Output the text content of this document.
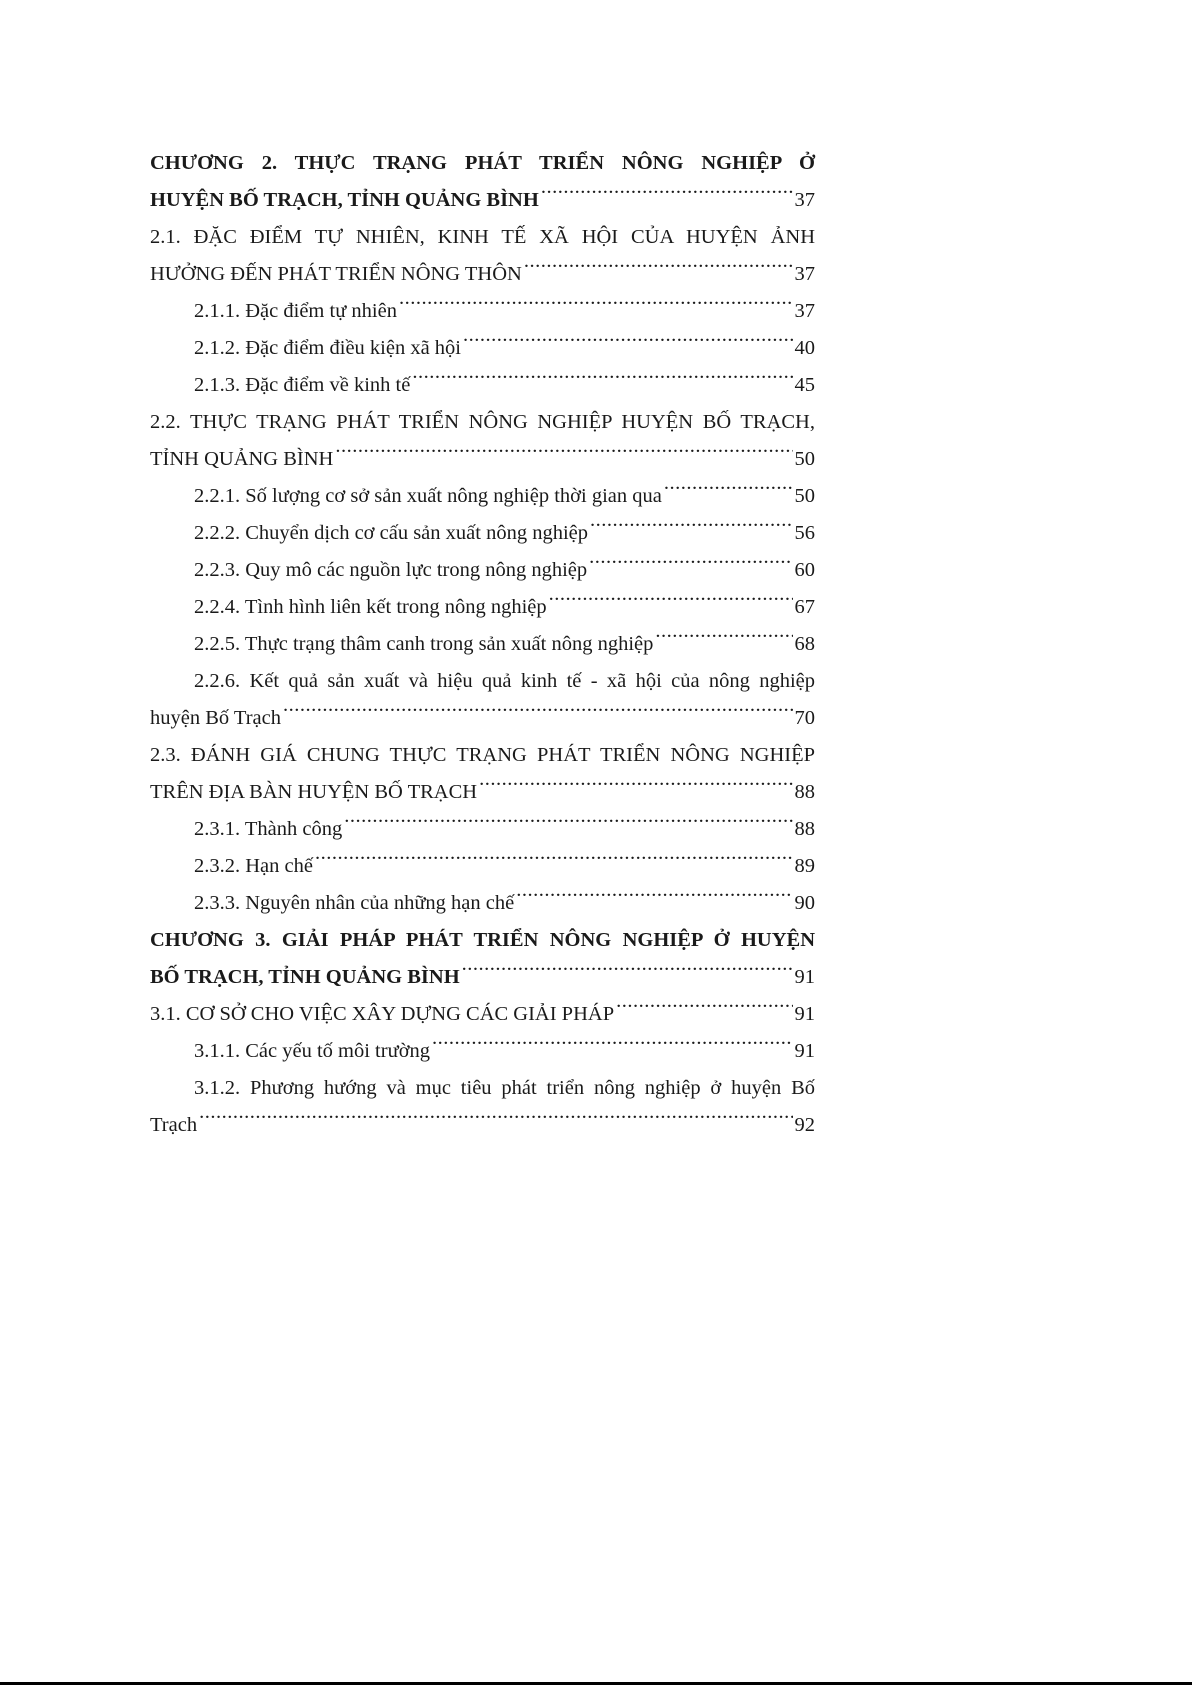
CHƯƠNG 2. THỰC TRẠNG PHÁT TRIỂN NÔNG NGHIỆP Ở
HUYỆN BỐ TRẠCH, TỈNH QUẢNG BÌNH .....	37
2.1. ĐẶC ĐIỂM TỰ NHIÊN, KINH TẾ XÃ HỘI CỦA HUYỆN ẢNH
HƯỞNG ĐẾN PHÁT TRIỂN NÔNG THÔN .....	37
2.1.1. Đặc điểm tự nhiên .....	37
2.1.2. Đặc điểm điều kiện xã hội .....	40
2.1.3. Đặc điểm về kinh tế .....	45
2.2. THỰC TRẠNG PHÁT TRIỂN NÔNG NGHIỆP HUYỆN BỐ TRẠCH,
TỈNH QUẢNG BÌNH .....	50
2.2.1. Số lượng cơ sở sản xuất nông nghiệp thời gian qua .....	50
2.2.2. Chuyển dịch cơ cấu sản xuất nông nghiệp .....	56
2.2.3. Quy mô các nguồn lực trong nông nghiệp .....	60
2.2.4. Tình hình liên kết trong nông nghiệp .....	67
2.2.5. Thực trạng thâm canh trong sản xuất nông nghiệp .....	68
2.2.6. Kết quả sản xuất và hiệu quả kinh tế - xã hội của nông nghiệp
huyện Bố Trạch .....	70
2.3. ĐÁNH GIÁ CHUNG THỰC TRẠNG PHÁT TRIỂN NÔNG NGHIỆP
TRÊN ĐỊA BÀN HUYỆN BỐ TRẠCH .....	88
2.3.1. Thành công .....	88
2.3.2. Hạn chế .....	89
2.3.3. Nguyên nhân của những hạn chế .....	90
CHƯƠNG 3. GIẢI PHÁP PHÁT TRIỂN NÔNG NGHIỆP Ở HUYỆN
BỐ TRẠCH, TỈNH QUẢNG BÌNH .....	91
3.1. CƠ SỞ CHO VIỆC XÂY DỰNG CÁC GIẢI PHÁP .....	91
3.1.1. Các yếu tố môi trường .....	91
3.1.2. Phương hướng và mục tiêu phát triển nông nghiệp ở huyện Bố
Trạch .....	92
